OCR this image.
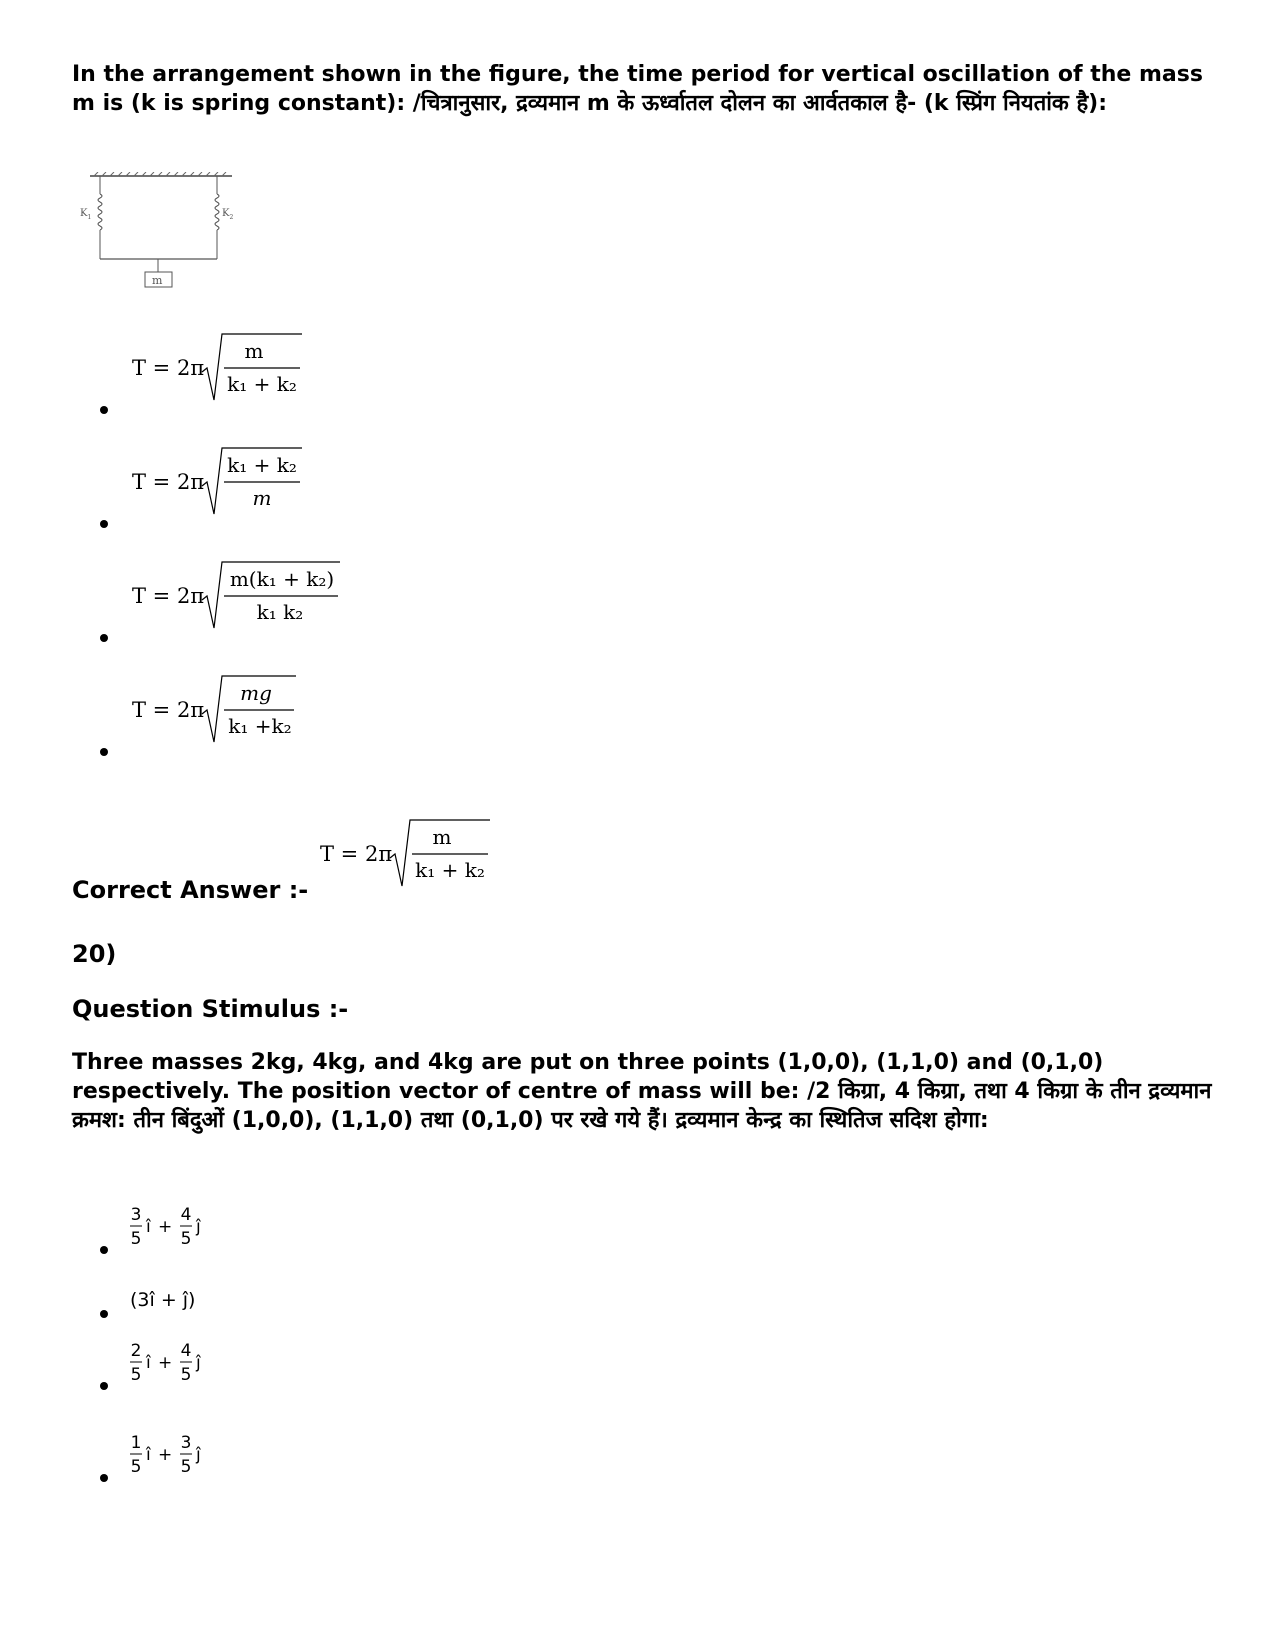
In the arrangement shown in the figure, the time period for vertical oscillation of the mass m is (k is spring constant): /चित्रानुसार, द्रव्यमान m के ऊर्ध्वातल दोलन का आर्वतकाल है- (k स्प्रिंग नियतांक है):

m
$K_1$	$K_2$
T = 2π
m
k₁ + k₂
T = 2π
k₁ + k₂
m
T = 2π
m(k₁ + k₂)
k₁ k₂
T = 2π
mg
k₁ +k₂

Correct Answer :-

T = 2π
m
k₁ + k₂

20)

Question Stimulus :-

Three masses 2kg, 4kg, and 4kg are put on three points (1,0,0), (1,1,0) and (0,1,0) respectively. The position vector of centre of mass will be: /2 किग्रा, 4 किग्रा, तथा 4 किग्रा के तीन द्रव्यमान क्रमश: तीन बिंदुओं (1,0,0), (1,1,0) तथा (0,1,0) पर रखे गये हैं। द्रव्यमान केन्द्र का स्थितिज सदिश होगा:

3
5
î +
4
5
ĵ
(3î + ĵ)
2
5
î +
4
5
ĵ
1
5
î +
3
5
ĵ
